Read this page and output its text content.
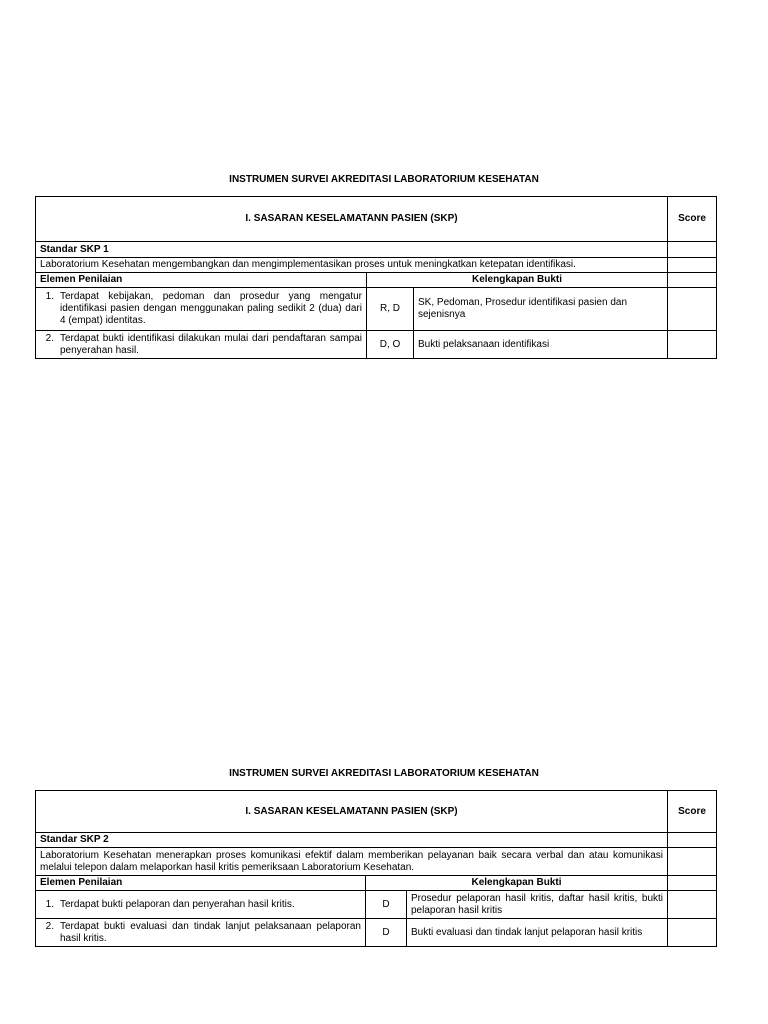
INSTRUMEN SURVEI AKREDITASI LABORATORIUM KESEHATAN
I. SASARAN KESELAMATANN PASIEN (SKP)			Score
Standar SKP 1			
Laboratorium Kesehatan mengembangkan dan mengimplementasikan proses untuk meningkatkan ketepatan identifikasi.			
Elemen Penilaian	Kelengkapan Bukti		

1. Terdapat kebijakan, pedoman dan prosedur yang mengatur identifikasi pasien dengan menggunakan paling sedikit 2 (dua) dari 4 (empat) identitas.	R, D	SK, Pedoman, Prosedur identifikasi pasien dan sejenisnya	

2. Terdapat bukti identifikasi dilakukan mulai dari pendaftaran sampai penyerahan hasil.	D, O	Bukti pelaksanaan identifikasi	
INSTRUMEN SURVEI AKREDITASI LABORATORIUM KESEHATAN
I. SASARAN KESELAMATANN PASIEN (SKP)			Score
Standar SKP 2			
Laboratorium Kesehatan menerapkan proses komunikasi efektif dalam memberikan pelayanan baik secara verbal dan atau komunikasi melalui telepon dalam melaporkan hasil kritis pemeriksaan Laboratorium Kesehatan.			
Elemen Penilaian	Kelengkapan Bukti		

1. Terdapat bukti pelaporan dan penyerahan hasil kritis.	D	Prosedur pelaporan hasil kritis, daftar hasil kritis, bukti pelaporan hasil kritis	

2. Terdapat bukti evaluasi dan tindak lanjut pelaksanaan pelaporan hasil kritis.	D	Bukti evaluasi dan tindak lanjut pelaporan hasil kritis	
